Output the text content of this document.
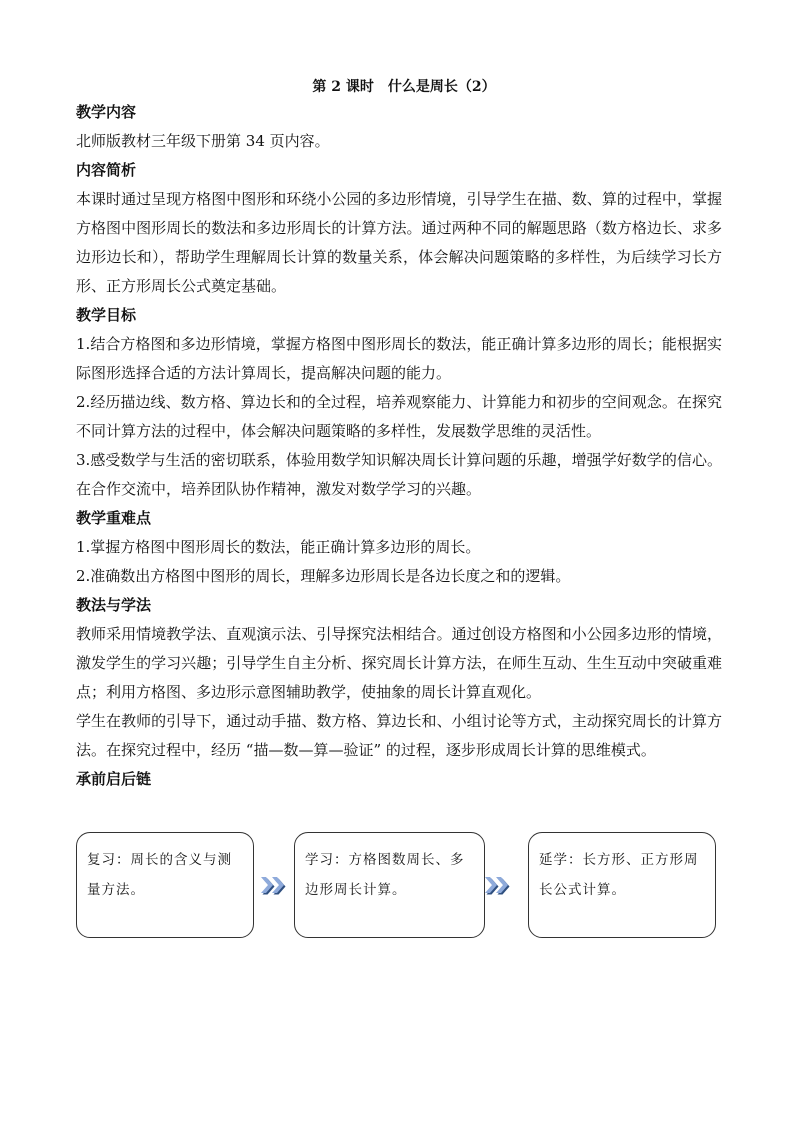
第 2 课时　什么是周长（2）
教学内容
北师版教材三年级下册第 34 页内容。
内容简析
本课时通过呈现方格图中图形和环绕小公园的多边形情境，引导学生在描、数、算的过程中，掌握方格图中图形周长的数法和多边形周长的计算方法。通过两种不同的解题思路（数方格边长、求多边形边长和），帮助学生理解周长计算的数量关系，体会解决问题策略的多样性，为后续学习长方形、正方形周长公式奠定基础。
教学目标
1.结合方格图和多边形情境，掌握方格图中图形周长的数法，能正确计算多边形的周长；能根据实际图形选择合适的方法计算周长，提高解决问题的能力。
2.经历描边线、数方格、算边长和的全过程，培养观察能力、计算能力和初步的空间观念。在探究不同计算方法的过程中，体会解决问题策略的多样性，发展数学思维的灵活性。
3.感受数学与生活的密切联系，体验用数学知识解决周长计算问题的乐趣，增强学好数学的信心。在合作交流中，培养团队协作精神，激发对数学学习的兴趣。
教学重难点
1.掌握方格图中图形周长的数法，能正确计算多边形的周长。
2.准确数出方格图中图形的周长，理解多边形周长是各边长度之和的逻辑。
教法与学法
教师采用情境教学法、直观演示法、引导探究法相结合。通过创设方格图和小公园多边形的情境，激发学生的学习兴趣；引导学生自主分析、探究周长计算方法，在师生互动、生生互动中突破重难点；利用方格图、多边形示意图辅助教学，使抽象的周长计算直观化。
学生在教师的引导下，通过动手描、数方格、算边长和、小组讨论等方式，主动探究周长的计算方法。在探究过程中，经历 “描—数—算—验证” 的过程，逐步形成周长计算的思维模式。
承前启后链
复习：周长的含义与测量方法。
学习：方格图数周长、多边形周长计算。
延学：长方形、正方形周长公式计算。
